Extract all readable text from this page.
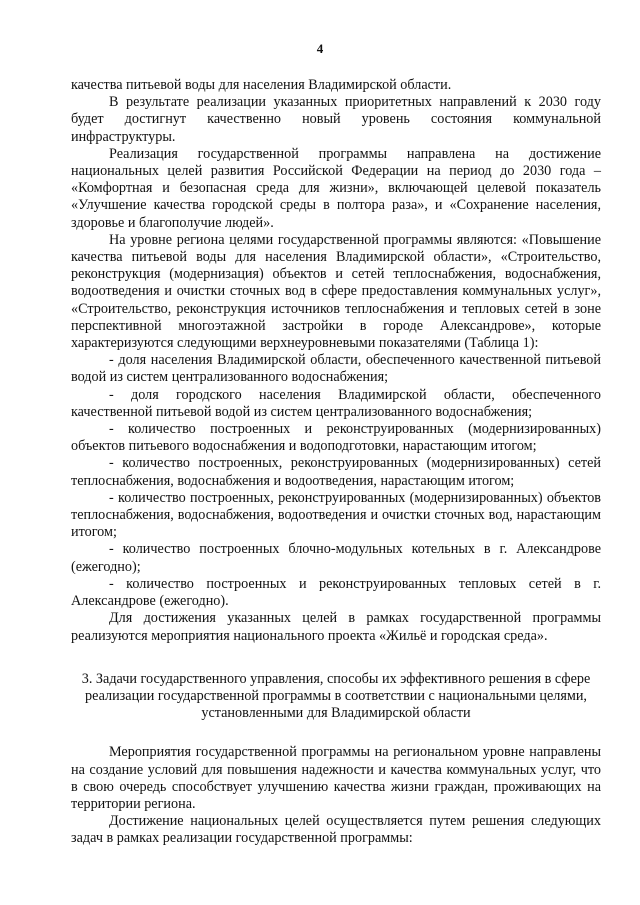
4

качества питьевой воды для населения Владимирской области.

В результате реализации указанных приоритетных направлений к 2030 году будет достигнут качественно новый уровень состояния коммунальной инфраструктуры.

Реализация государственной программы направлена на достижение национальных целей развития Российской Федерации на период до 2030 года – «Комфортная и безопасная среда для жизни», включающей целевой показатель «Улучшение качества городской среды в полтора раза», и «Сохранение населения, здоровье и благополучие людей».

На уровне региона целями государственной программы являются: «Повышение качества питьевой воды для населения Владимирской области», «Строительство, реконструкция (модернизация) объектов и сетей теплоснабжения, водоснабжения, водоотведения и очистки сточных вод в сфере предоставления коммунальных услуг», «Строительство, реконструкция источников теплоснабжения и тепловых сетей в зоне перспективной многоэтажной застройки в городе Александрове», которые характеризуются следующими верхнеуровневыми показателями (Таблица 1):

- доля населения Владимирской области, обеспеченного качественной питьевой водой из систем централизованного водоснабжения;

- доля городского населения Владимирской области, обеспеченного качественной питьевой водой из систем централизованного водоснабжения;

- количество построенных и реконструированных (модернизированных) объектов питьевого водоснабжения и водоподготовки, нарастающим итогом;

- количество построенных, реконструированных (модернизированных) сетей теплоснабжения, водоснабжения и водоотведения, нарастающим итогом;

- количество построенных, реконструированных (модернизированных) объектов теплоснабжения, водоснабжения, водоотведения и очистки сточных вод, нарастающим итогом;

- количество построенных блочно-модульных котельных в г. Александрове (ежегодно);

- количество построенных и реконструированных тепловых сетей в г. Александрове (ежегодно).

Для достижения указанных целей в рамках государственной программы реализуются мероприятия национального проекта «Жильё и городская среда».

3. Задачи государственного управления, способы их эффективного решения в сфере реализации государственной программы в соответствии с национальными целями, установленными для Владимирской области

Мероприятия государственной программы на региональном уровне направлены на создание условий для повышения надежности и качества коммунальных услуг, что в свою очередь способствует улучшению качества жизни граждан, проживающих на территории региона.

Достижение национальных целей осуществляется путем решения следующих задач в рамках реализации государственной программы:
